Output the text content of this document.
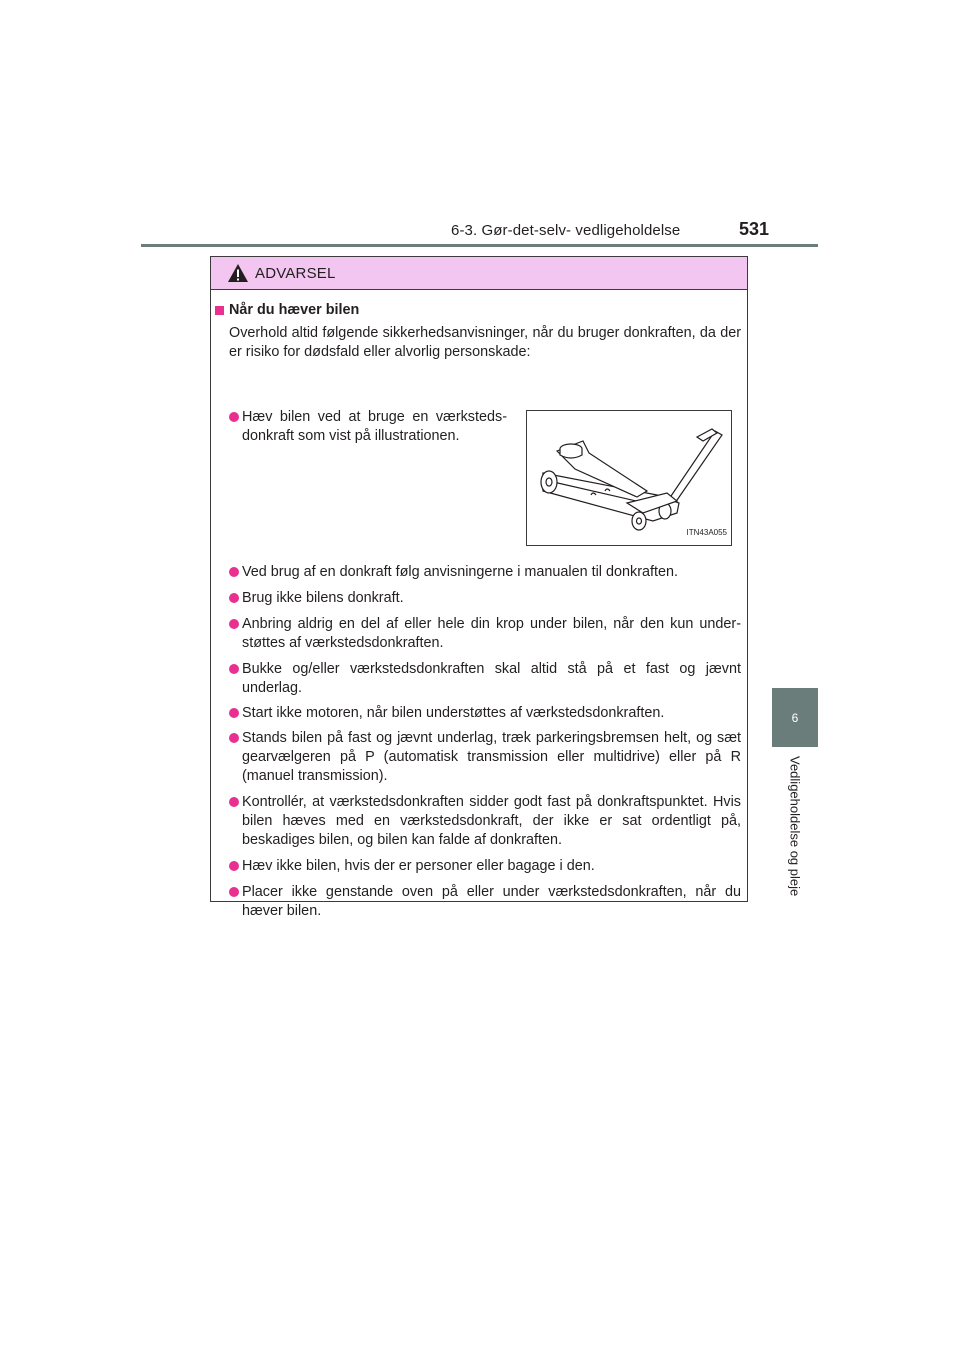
6-3. Gør-det-selv- vedligeholdelse	531
6
Vedligeholdelse og pleje
ADVARSEL
Når du hæver bilen
Overhold altid følgende sikkerhedsanvisninger, når du bruger donkraften, da der er risiko for dødsfald eller alvorlig personskade:
Hæv bilen ved at bruge en værksteds-donkraft som vist på illustrationen.
ITN43A055
Ved brug af en donkraft følg anvisningerne i manualen til donkraften.
Brug ikke bilens donkraft.
Anbring aldrig en del af eller hele din krop under bilen, når den kun under-støttes af værkstedsdonkraften.
Bukke og/eller værkstedsdonkraften skal altid stå på et fast og jævnt underlag.
Start ikke motoren, når bilen understøttes af værkstedsdonkraften.
Stands bilen på fast og jævnt underlag, træk parkeringsbremsen helt, og sæt gearvælgeren på P (automatisk transmission eller multidrive) eller på R (manuel transmission).
Kontrollér, at værkstedsdonkraften sidder godt fast på donkraftspunktet. Hvis bilen hæves med en værkstedsdonkraft, der ikke er sat ordentligt på, beskadiges bilen, og bilen kan falde af donkraften.
Hæv ikke bilen, hvis der er personer eller bagage i den.
Placer ikke genstande oven på eller under værkstedsdonkraften, når du hæver bilen.
